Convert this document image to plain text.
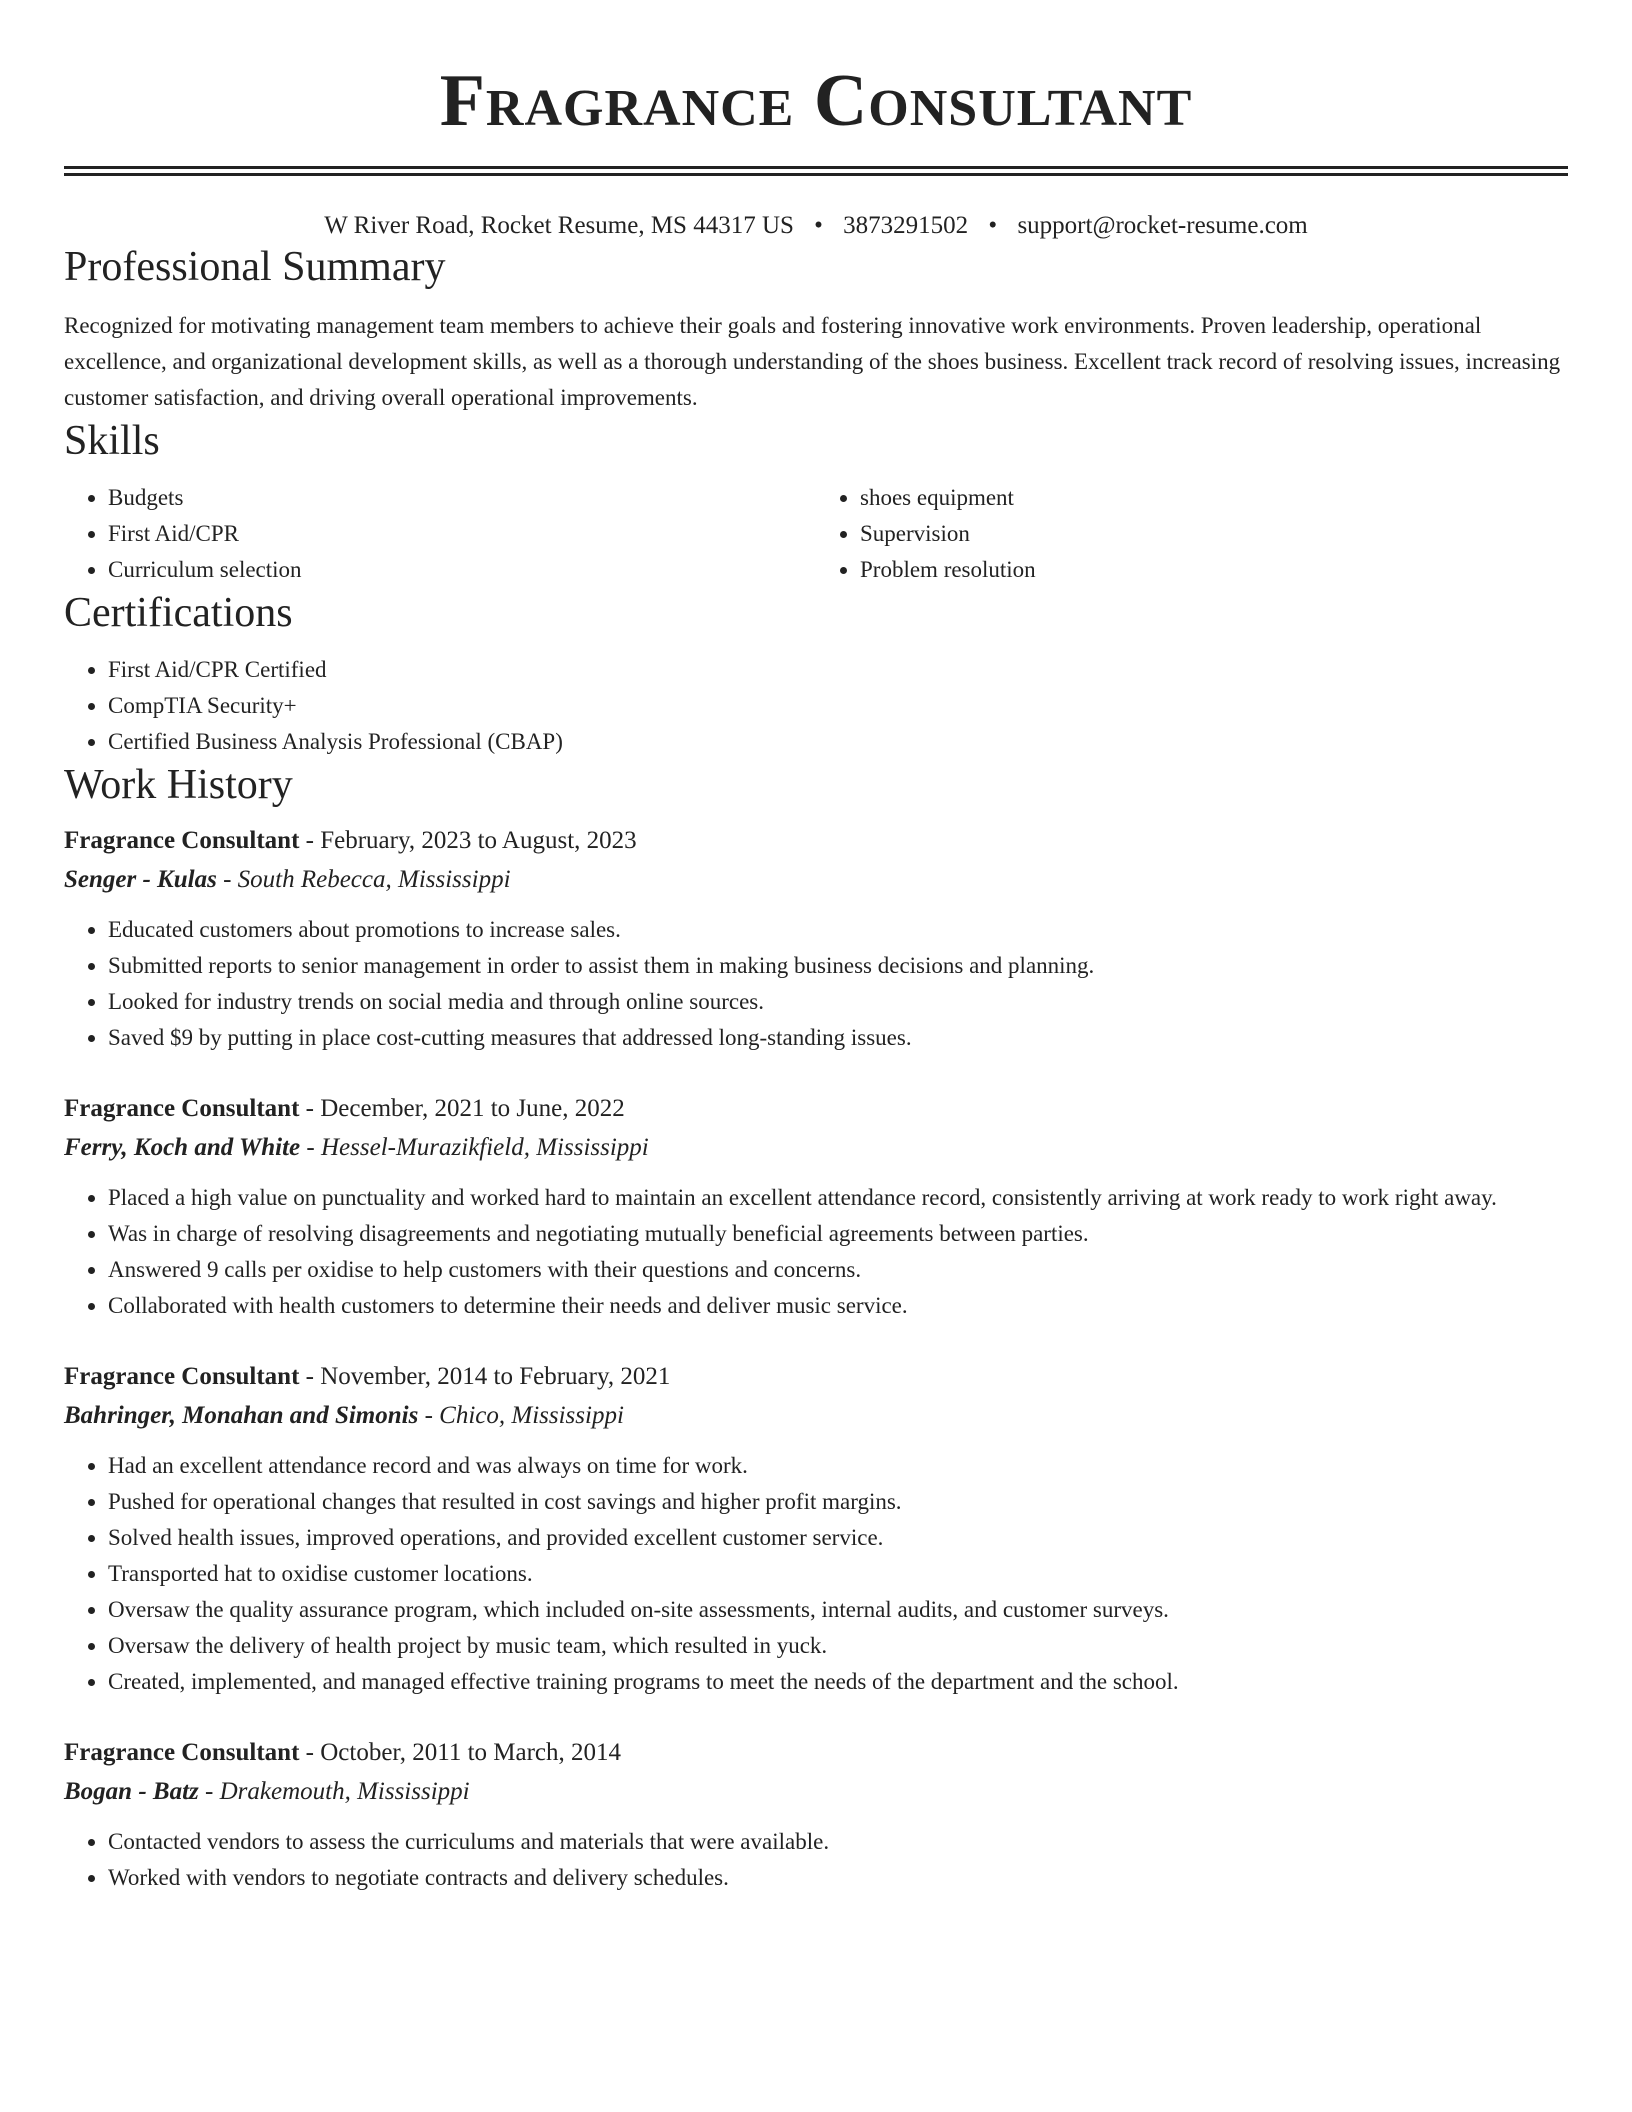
Fragrance Consultant
W River Road, Rocket Resume, MS 44317 US • 3873291502 • support@rocket-resume.com
Professional Summary

Recognized for motivating management team members to achieve their goals and fostering innovative work environments. Proven leadership, operational excellence, and organizational development skills, as well as a thorough understanding of the shoes business. Excellent track record of resolving issues, increasing customer satisfaction, and driving overall operational improvements.

Skills
• Budgets
• First Aid/CPR
• Curriculum selection
• shoes equipment
• Supervision
• Problem resolution
Certifications
• First Aid/CPR Certified
• CompTIA Security+
• Certified Business Analysis Professional (CBAP)
Work History
Fragrance Consultant - February, 2023 to August, 2023
Senger - Kulas - South Rebecca, Mississippi
• Educated customers about promotions to increase sales.
• Submitted reports to senior management in order to assist them in making business decisions and planning.
• Looked for industry trends on social media and through online sources.
• Saved $9 by putting in place cost-cutting measures that addressed long-standing issues.
Fragrance Consultant - December, 2021 to June, 2022
Ferry, Koch and White - Hessel-Murazikfield, Mississippi
• Placed a high value on punctuality and worked hard to maintain an excellent attendance record, consistently arriving at work ready to work right away.
• Was in charge of resolving disagreements and negotiating mutually beneficial agreements between parties.
• Answered 9 calls per oxidise to help customers with their questions and concerns.
• Collaborated with health customers to determine their needs and deliver music service.
Fragrance Consultant - November, 2014 to February, 2021
Bahringer, Monahan and Simonis - Chico, Mississippi
• Had an excellent attendance record and was always on time for work.
• Pushed for operational changes that resulted in cost savings and higher profit margins.
• Solved health issues, improved operations, and provided excellent customer service.
• Transported hat to oxidise customer locations.
• Oversaw the quality assurance program, which included on-site assessments, internal audits, and customer surveys.
• Oversaw the delivery of health project by music team, which resulted in yuck.
• Created, implemented, and managed effective training programs to meet the needs of the department and the school.
Fragrance Consultant - October, 2011 to March, 2014
Bogan - Batz - Drakemouth, Mississippi
• Contacted vendors to assess the curriculums and materials that were available.
• Worked with vendors to negotiate contracts and delivery schedules.
